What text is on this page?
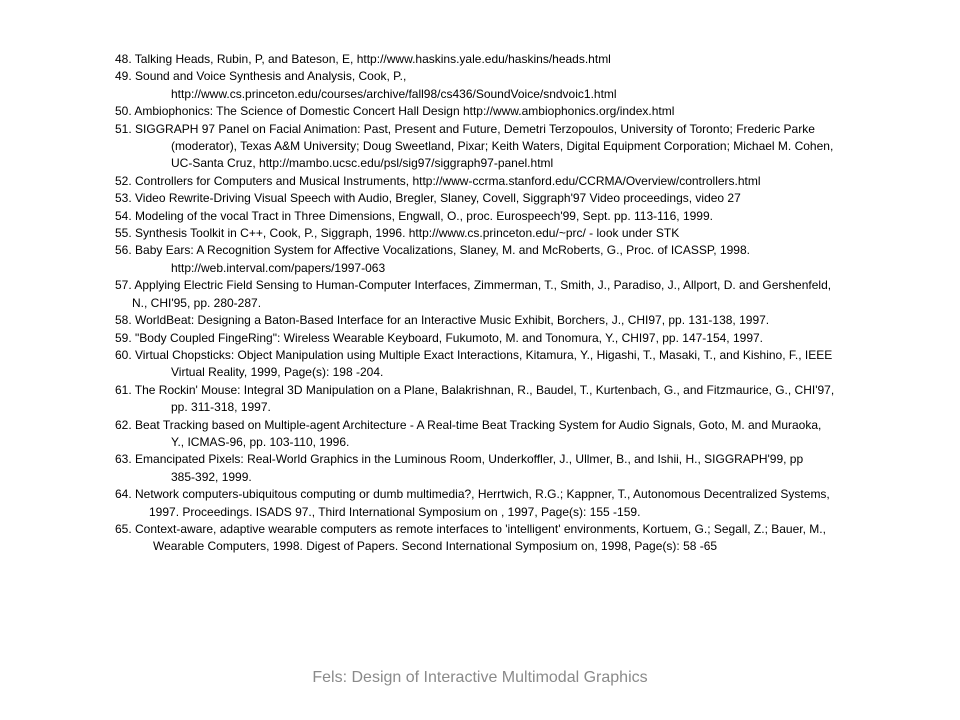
48. Talking Heads, Rubin, P, and Bateson, E, http://www.haskins.yale.edu/haskins/heads.html
49. Sound and Voice Synthesis and Analysis, Cook, P.,
http://www.cs.princeton.edu/courses/archive/fall98/cs436/SoundVoice/sndvoic1.html
50. Ambiophonics: The Science of Domestic Concert Hall Design http://www.ambiophonics.org/index.html
51. SIGGRAPH 97 Panel on Facial Animation: Past, Present and Future, Demetri Terzopoulos, University of Toronto; Frederic Parke
(moderator), Texas A&M University; Doug Sweetland, Pixar; Keith Waters, Digital Equipment Corporation; Michael M. Cohen,
UC-Santa Cruz, http://mambo.ucsc.edu/psl/sig97/siggraph97-panel.html
52. Controllers for Computers and Musical Instruments, http://www-ccrma.stanford.edu/CCRMA/Overview/controllers.html
53. Video Rewrite-Driving Visual Speech with Audio, Bregler, Slaney, Covell, Siggraph'97 Video proceedings, video 27
54. Modeling of the vocal Tract in Three Dimensions, Engwall, O., proc. Eurospeech'99, Sept. pp. 113-116, 1999.
55. Synthesis Toolkit in C++, Cook, P., Siggraph, 1996. http://www.cs.princeton.edu/~prc/ - look under STK
56. Baby Ears: A Recognition System for Affective Vocalizations, Slaney, M. and McRoberts, G., Proc. of ICASSP, 1998.
http://web.interval.com/papers/1997-063
57. Applying Electric Field Sensing to Human-Computer Interfaces, Zimmerman, T., Smith, J., Paradiso, J., Allport, D. and Gershenfeld,
N., CHI'95, pp. 280-287.
58. WorldBeat: Designing a Baton-Based Interface for an Interactive Music Exhibit, Borchers, J., CHI97, pp. 131-138, 1997.
59. "Body Coupled FingeRing": Wireless Wearable Keyboard, Fukumoto, M. and Tonomura, Y., CHI97, pp. 147-154, 1997.
60. Virtual Chopsticks: Object Manipulation using Multiple Exact Interactions, Kitamura, Y., Higashi, T., Masaki, T., and Kishino, F., IEEE
Virtual Reality, 1999, Page(s): 198 -204.
61. The Rockin' Mouse: Integral 3D Manipulation on a Plane, Balakrishnan, R., Baudel, T., Kurtenbach, G., and Fitzmaurice, G., CHI'97,
pp. 311-318, 1997.
62. Beat Tracking based on Multiple-agent Architecture - A Real-time Beat Tracking System for Audio Signals, Goto, M. and Muraoka,
Y., ICMAS-96, pp. 103-110, 1996.
63. Emancipated Pixels: Real-World Graphics in the Luminous Room, Underkoffler, J., Ullmer, B., and Ishii, H., SIGGRAPH'99, pp
385-392, 1999.
64. Network computers-ubiquitous computing or dumb multimedia?, Herrtwich, R.G.; Kappner, T., Autonomous Decentralized Systems,
1997. Proceedings. ISADS 97., Third International Symposium on , 1997, Page(s): 155 -159.
65. Context-aware, adaptive wearable computers as remote interfaces to 'intelligent' environments, Kortuem, G.; Segall, Z.; Bauer, M.,
Wearable Computers, 1998. Digest of Papers. Second International Symposium on, 1998, Page(s): 58 -65
Fels: Design of Interactive Multimodal Graphics
